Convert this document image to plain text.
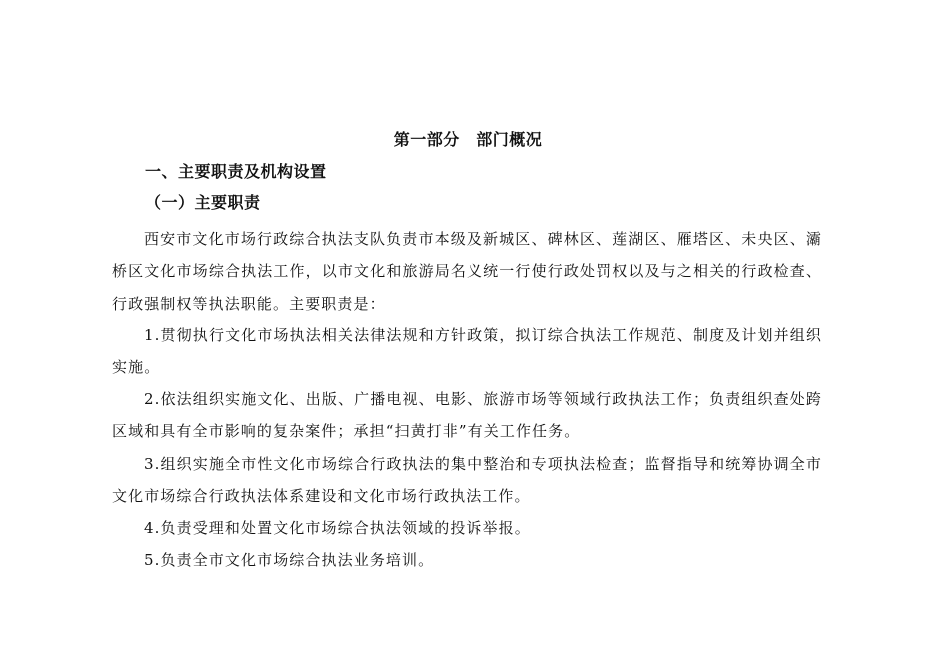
第一部分　部门概况
一、主要职责及机构设置
（一）主要职责

西安市文化市场行政综合执法支队负责市本级及新城区、碑林区、莲湖区、雁塔区、未央区、灞桥区文化市场综合执法工作，以市文化和旅游局名义统一行使行政处罚权以及与之相关的行政检查、行政强制权等执法职能。主要职责是：

1.贯彻执行文化市场执法相关法律法规和方针政策，拟订综合执法工作规范、制度及计划并组织实施。

2.依法组织实施文化、出版、广播电视、电影、旅游市场等领域行政执法工作；负责组织查处跨区域和具有全市影响的复杂案件；承担“扫黄打非”有关工作任务。

3.组织实施全市性文化市场综合行政执法的集中整治和专项执法检查；监督指导和统筹协调全市文化市场综合行政执法体系建设和文化市场行政执法工作。

4.负责受理和处置文化市场综合执法领域的投诉举报。

5.负责全市文化市场综合执法业务培训。
